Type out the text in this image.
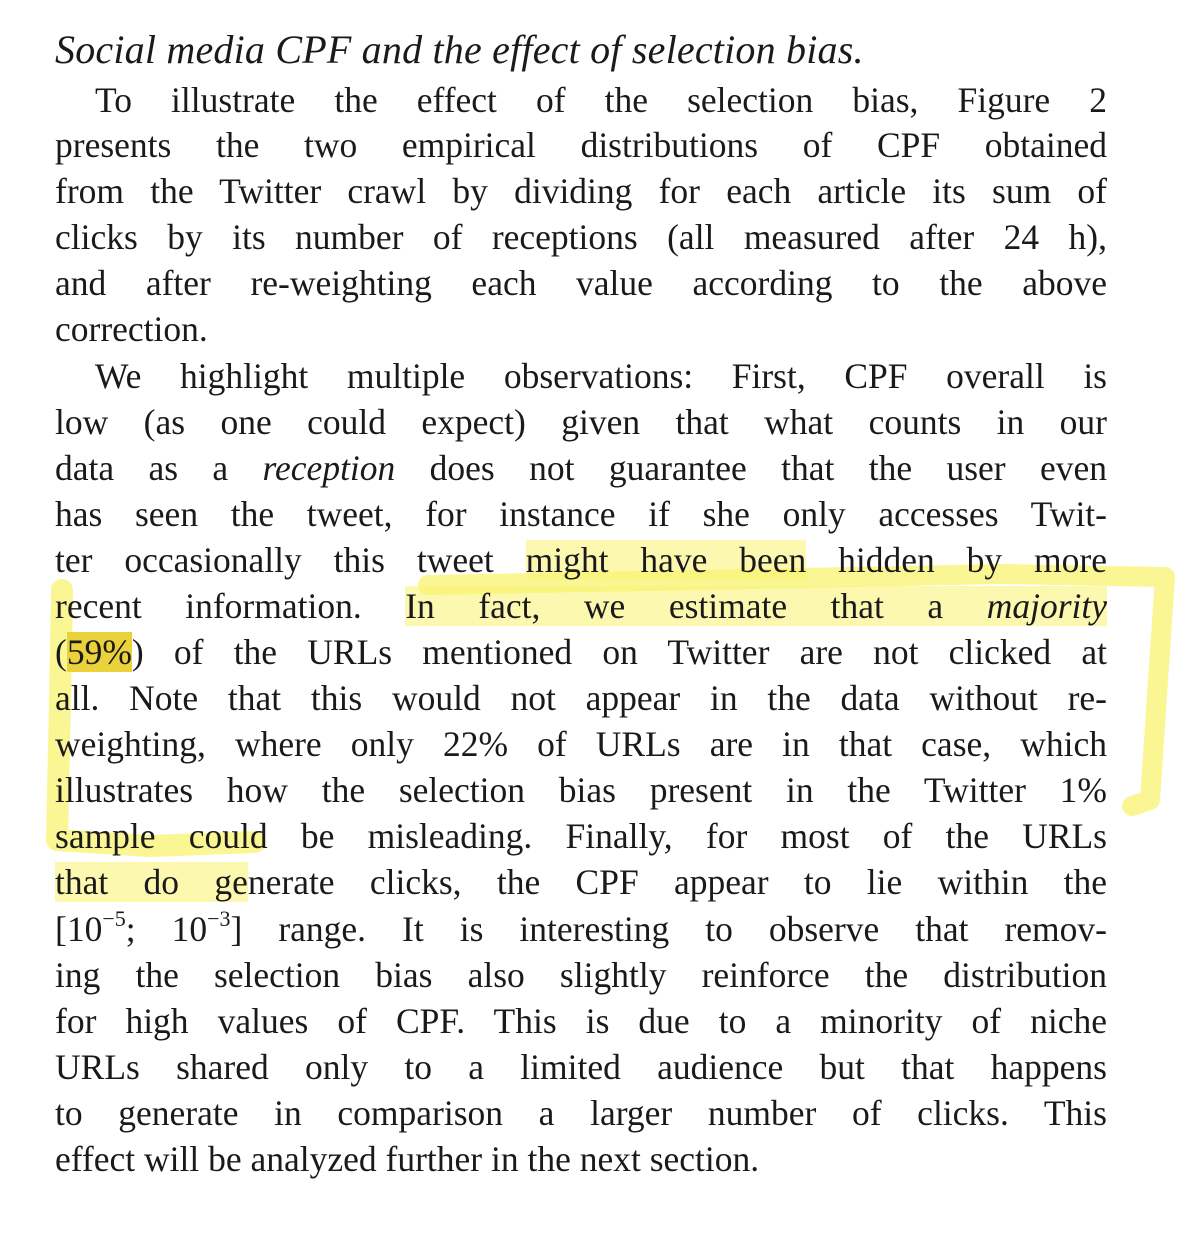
Social media CPF and the effect of selection bias.
To illustrate the effect of the selection bias, Figure 2
presents the two empirical distributions of CPF obtained
from the Twitter crawl by dividing for each article its sum of
clicks by its number of receptions (all measured after 24 h),
and after re-weighting each value according to the above
correction.
We highlight multiple observations: First, CPF overall is
low (as one could expect) given that what counts in our
data as a reception does not guarantee that the user even
has seen the tweet, for instance if she only accesses Twit-
ter occasionally this tweet might have been hidden by more
recent information. In fact, we estimate that a majority
(59%) of the URLs mentioned on Twitter are not clicked at
all. Note that this would not appear in the data without re-
weighting, where only 22% of URLs are in that case, which
illustrates how the selection bias present in the Twitter 1%
sample could be misleading. Finally, for most of the URLs
that do generate clicks, the CPF appear to lie within the
[$10^{-5}$; $10^{-3}$] range. It is interesting to observe that remov-
ing the selection bias also slightly reinforce the distribution
for high values of CPF. This is due to a minority of niche
URLs shared only to a limited audience but that happens
to generate in comparison a larger number of clicks. This
effect will be analyzed further in the next section.
